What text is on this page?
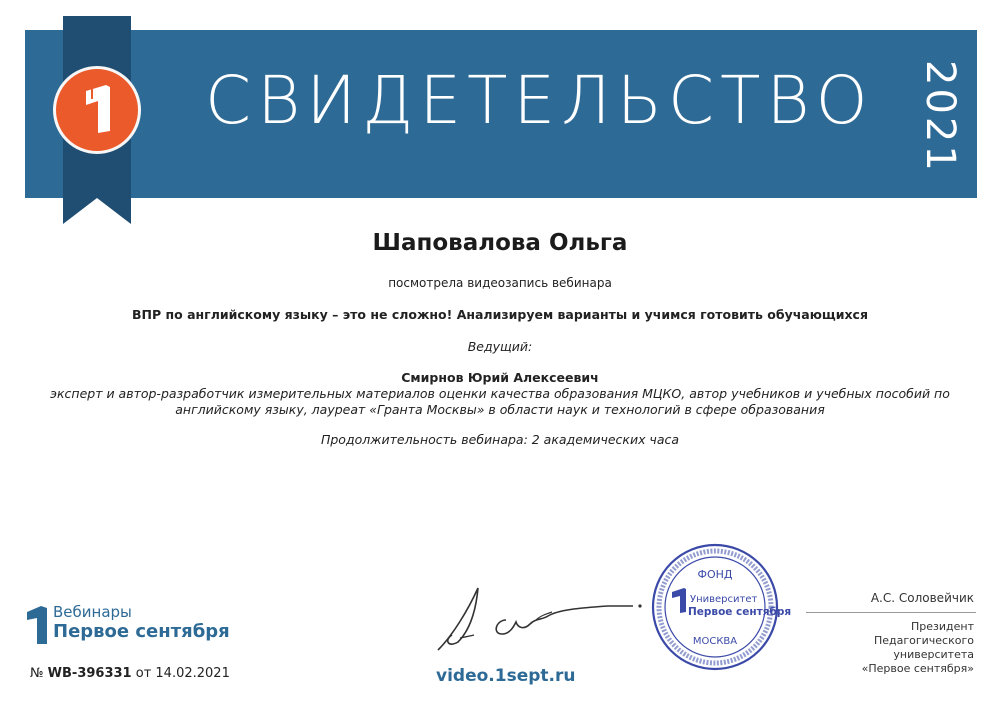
СВИДЕТЕЛЬСТВО 2021
Шаповалова Ольга
посмотрела видеозапись вебинара
ВПР по английскому языку – это не сложно! Анализируем варианты и учимся готовить обучающихся
Ведущий:
Смирнов Юрий Алексеевич
эксперт и автор-разработчик измерительных материалов оценки качества образования МЦКО, автор учебников и учебных пособий по
английскому языку, лауреат «Гранта Москвы» в области наук и технологий в сфере образования
Продолжительность вебинара: 2 академических часа
Вебинары
Первое сентября
№ WB-396331 от 14.02.2021	video.1sept.ru
ФОНД
Университет
Первое сентября
МОСКВА
А.С. Соловейчик
Президент
Педагогического университета
«Первое сентября»
